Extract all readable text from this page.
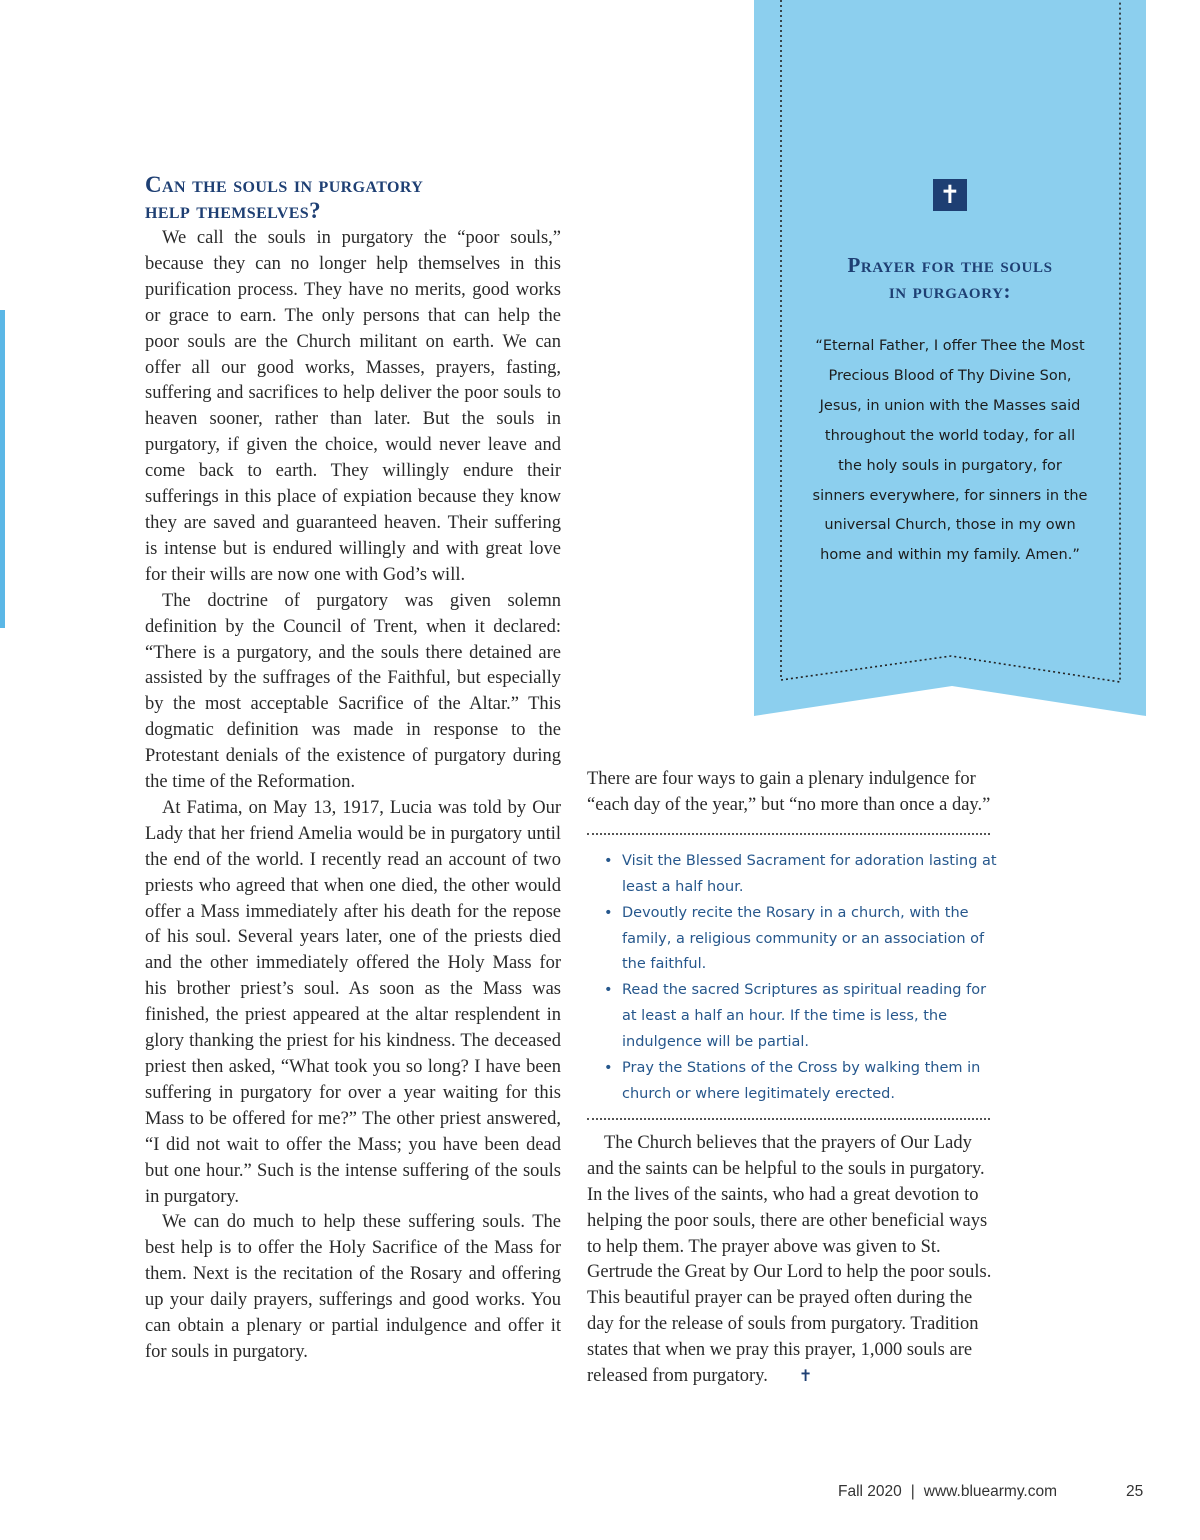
✝
Prayer for the souls
in purgaory:

“Eternal Father, I offer Thee the Most Precious Blood of Thy Divine Son, Jesus, in union with the Masses said throughout the world today, for all the holy souls in purgatory, for sinners everywhere, for sinners in the universal Church, those in my own home and within my family. Amen.”

Can the souls in purgatory
help themselves?

We call the souls in purgatory the “poor souls,” because they can no longer help themselves in this purification process. They have no merits, good works or grace to earn. The only persons that can help the poor souls are the Church militant on earth. We can offer all our good works, Masses, prayers, fasting, suffering and sacrifices to help deliver the poor souls to heaven sooner, rather than later. But the souls in purgatory, if given the choice, would never leave and come back to earth. They willingly endure their sufferings in this place of expiation because they know they are saved and guaranteed heaven. Their suffering is intense but is endured willingly and with great love for their wills are now one with God’s will.

The doctrine of purgatory was given solemn definition by the Council of Trent, when it declared: “There is a purgatory, and the souls there detained are assisted by the suffrages of the Faithful, but especially by the most acceptable Sacrifice of the Altar.” This dogmatic definition was made in response to the Protestant denials of the existence of purgatory during the time of the Reformation.

At Fatima, on May 13, 1917, Lucia was told by Our Lady that her friend Amelia would be in purgatory until the end of the world. I recently read an account of two priests who agreed that when one died, the other would offer a Mass immediately after his death for the repose of his soul. Several years later, one of the priests died and the other immediately offered the Holy Mass for his brother priest’s soul. As soon as the Mass was finished, the priest appeared at the altar resplendent in glory thanking the priest for his kindness. The deceased priest then asked, “What took you so long? I have been suffering in purgatory for over a year waiting for this Mass to be offered for me?” The other priest answered, “I did not wait to offer the Mass; you have been dead but one hour.” Such is the intense suffering of the souls in purgatory.

We can do much to help these suffering souls. The best help is to offer the Holy Sacrifice of the Mass for them. Next is the recitation of the Rosary and offering up your daily prayers, sufferings and good works. You can obtain a plenary or partial indulgence and offer it for souls in purgatory.

There are four ways to gain a plenary indulgence for “each day of the year,” but “no more than once a day.”

• Visit the Blessed Sacrament for adoration lasting at least a half hour.
• Devoutly recite the Rosary in a church, with the family, a religious community or an association of the faithful.
• Read the sacred Scriptures as spiritual reading for at least a half an hour. If the time is less, the indulgence will be partial.
• Pray the Stations of the Cross by walking them in church or where legitimately erected.

The Church believes that the prayers of Our Lady and the saints can be helpful to the souls in purgatory. In the lives of the saints, who had a great devotion to helping the poor souls, there are other beneficial ways to help them. The prayer above was given to St. Gertrude the Great by Our Lord to help the poor souls. This beautiful prayer can be prayed often during the day for the release of souls from purgatory. Tradition states that when we pray this prayer, 1,000 souls are released from purgatory. ✝

Fall 2020 | www.bluearmy.com	25
